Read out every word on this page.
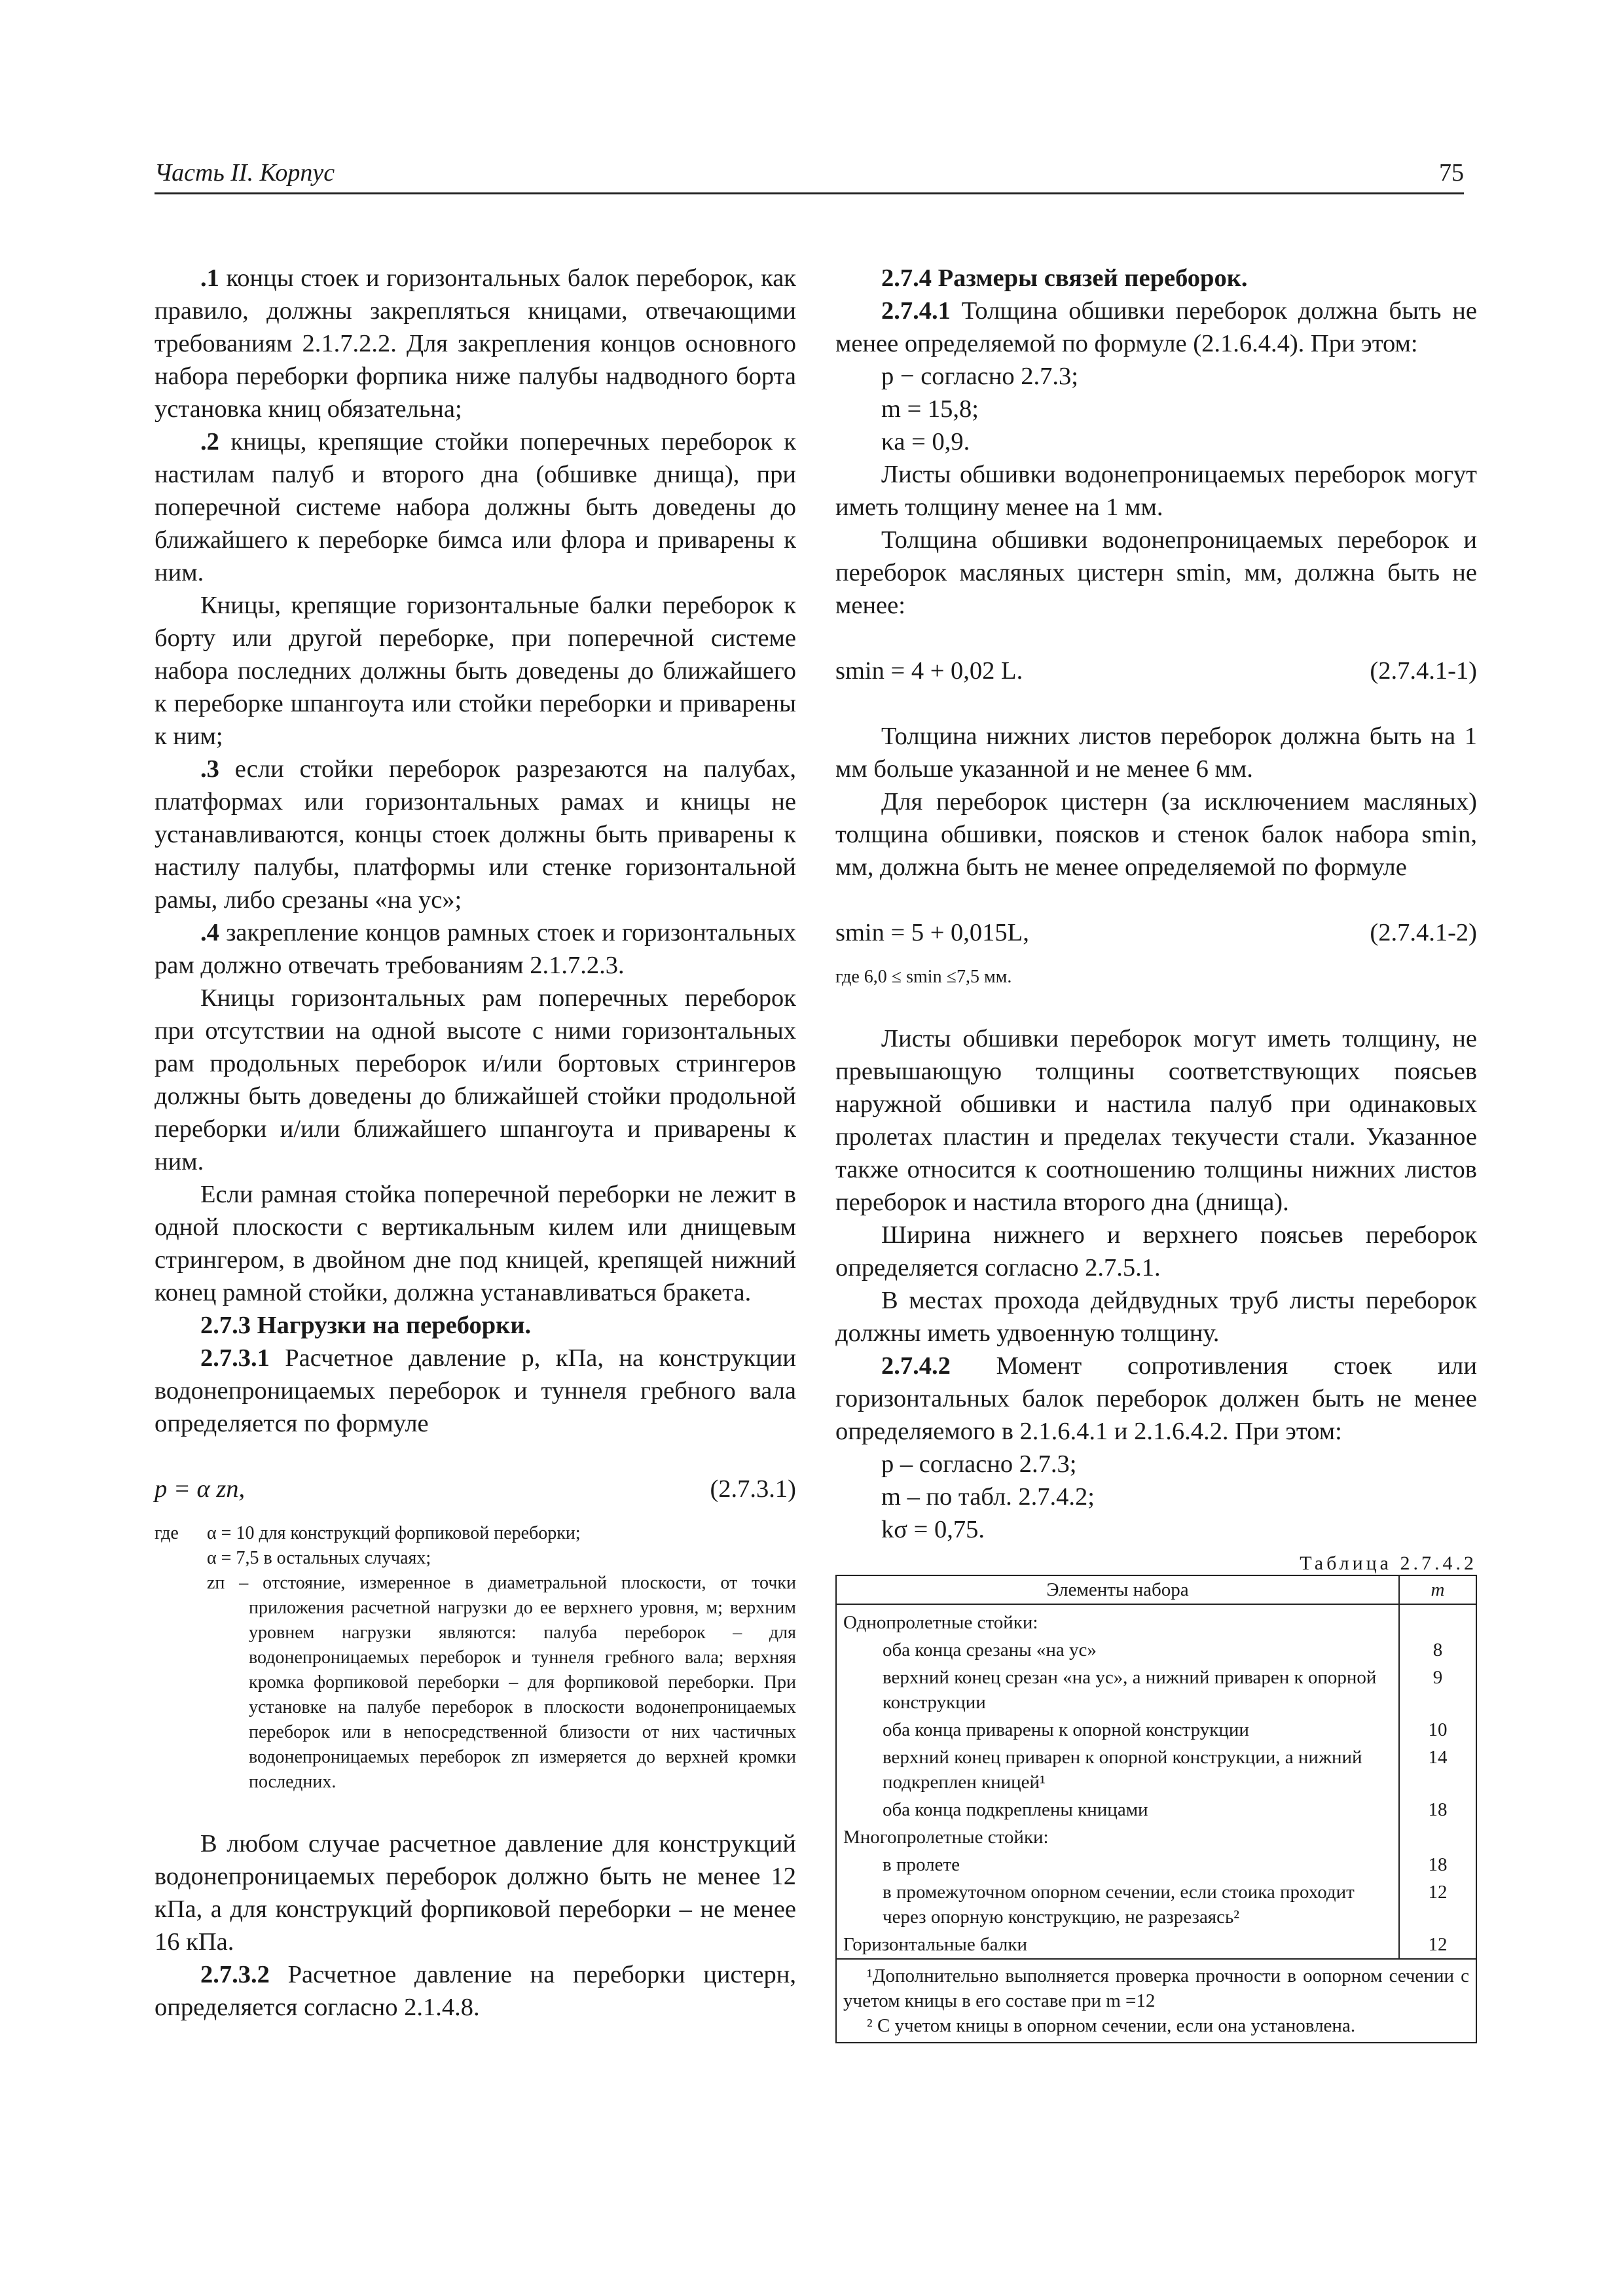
Часть II. Корпус	75

.1 концы стоек и горизонтальных балок переборок, как правило, должны закрепляться кницами, отвечающими требованиям 2.1.7.2.2. Для закрепления концов основного набора переборки форпика ниже палубы надводного борта установка книц обязательна;

.2 кницы, крепящие стойки поперечных переборок к настилам палуб и второго дна (обшивке днища), при поперечной системе набора должны быть доведены до ближайшего к переборке бимса или флора и приварены к ним.

Кницы, крепящие горизонтальные балки переборок к борту или другой переборке, при поперечной системе набора последних должны быть доведены до ближайшего к переборке шпангоута или стойки переборки и приварены к ним;

.3 если стойки переборок разрезаются на палубах, платформах или горизонтальных рамах и кницы не устанавливаются, концы стоек должны быть приварены к настилу палубы, платформы или стенке горизонтальной рамы, либо срезаны «на ус»;

.4 закрепление концов рамных стоек и горизонтальных рам должно отвечать требованиям 2.1.7.2.3.

Кницы горизонтальных рам поперечных переборок при отсутствии на одной высоте с ними горизонтальных рам продольных переборок и/или бортовых стрингеров должны быть доведены до ближайшей стойки продольной переборки и/или ближайшего шпангоута и приварены к ним.

Если рамная стойка поперечной переборки не лежит в одной плоскости с вертикальным килем или днищевым стрингером, в двойном дне под кницей, крепящей нижний конец рамной стойки, должна устанавливаться бракета.

2.7.3 Нагрузки на переборки.

2.7.3.1 Расчетное давление p, кПа, на конструкции водонепроницаемых переборок и туннеля гребного вала определяется по формуле

p = α zп,	(2.7.3.1)
где	α = 10 для конструкций форпиковой переборки;
α = 7,5 в остальных случаях;
zп – отстояние, измеренное в диаметральной плоскости, от точки приложения расчетной нагрузки до ее верхнего уровня, м; верхним уровнем нагрузки являются: палуба переборок – для водонепроницаемых переборок и туннеля гребного вала; верхняя кромка форпиковой переборки – для форпиковой переборки. При установке на палубе переборок в плоскости водонепроницаемых переборок или в непосредственной близости от них частичных водонепроницаемых переборок zп измеряется до верхней кромки последних.

В любом случае расчетное давление для конструкций водонепроницаемых переборок должно быть не менее 12 кПа, а для конструкций форпиковой переборки – не менее 16 кПа.

2.7.3.2 Расчетное давление на переборки цистерн, определяется согласно 2.1.4.8.

2.7.4 Размеры связей переборок.

2.7.4.1 Толщина обшивки переборок должна быть не менее определяемой по формуле (2.1.6.4.4). При этом:

p − согласно 2.7.3;

m = 15,8;

κa = 0,9.

Листы обшивки водонепроницаемых переборок могут иметь толщину менее на 1 мм.

Толщина обшивки водонепроницаемых переборок и переборок масляных цистерн smin, мм, должна быть не менее:

smin = 4 + 0,02 L.	(2.7.4.1-1)

Толщина нижних листов переборок должна быть на 1 мм больше указанной и не менее 6 мм.

Для переборок цистерн (за исключением масляных) толщина обшивки, поясков и стенок балок набора smin, мм, должна быть не менее определяемой по формуле

smin = 5 + 0,015L,	(2.7.4.1-2)
где 6,0 ≤ smin ≤7,5 мм.

Листы обшивки переборок могут иметь толщину, не превышающую толщины соответствующих поясьев наружной обшивки и настила палуб при одинаковых пролетах пластин и пределах текучести стали. Указанное также относится к соотношению толщины нижних листов переборок и настила второго дна (днища).

Ширина нижнего и верхнего поясьев переборок определяется согласно 2.7.5.1.

В местах прохода дейдвудных труб листы переборок должны иметь удвоенную толщину.

2.7.4.2 Момент сопротивления стоек или горизонтальных балок переборок должен быть не менее определяемого в 2.1.6.4.1 и 2.1.6.4.2. При этом:

p – согласно 2.7.3;

m – по табл. 2.7.4.2;

kσ = 0,75.

Таблица 2.7.4.2
Элементы набора	m
Однопролетные стойки:	
оба конца срезаны «на ус»	8
верхний конец срезан «на ус», а нижний приварен к опорной конструкции	9
оба конца приварены к опорной конструкции	10
верхний конец приварен к опорной конструкции, а нижний подкреплен кницей¹	14
оба конца подкреплены кницами	18
Многопролетные стойки:	
в пролете	18
в промежуточном опорном сечении, если стоика проходит через опорную конструкцию, не разрезаясь²	12
Горизонтальные балки	12
¹Дополнительно выполняется проверка прочности в оопорном сечении с учетом кницы в его составе при m =12
² С учетом кницы в опорном сечении, если она установлена.
